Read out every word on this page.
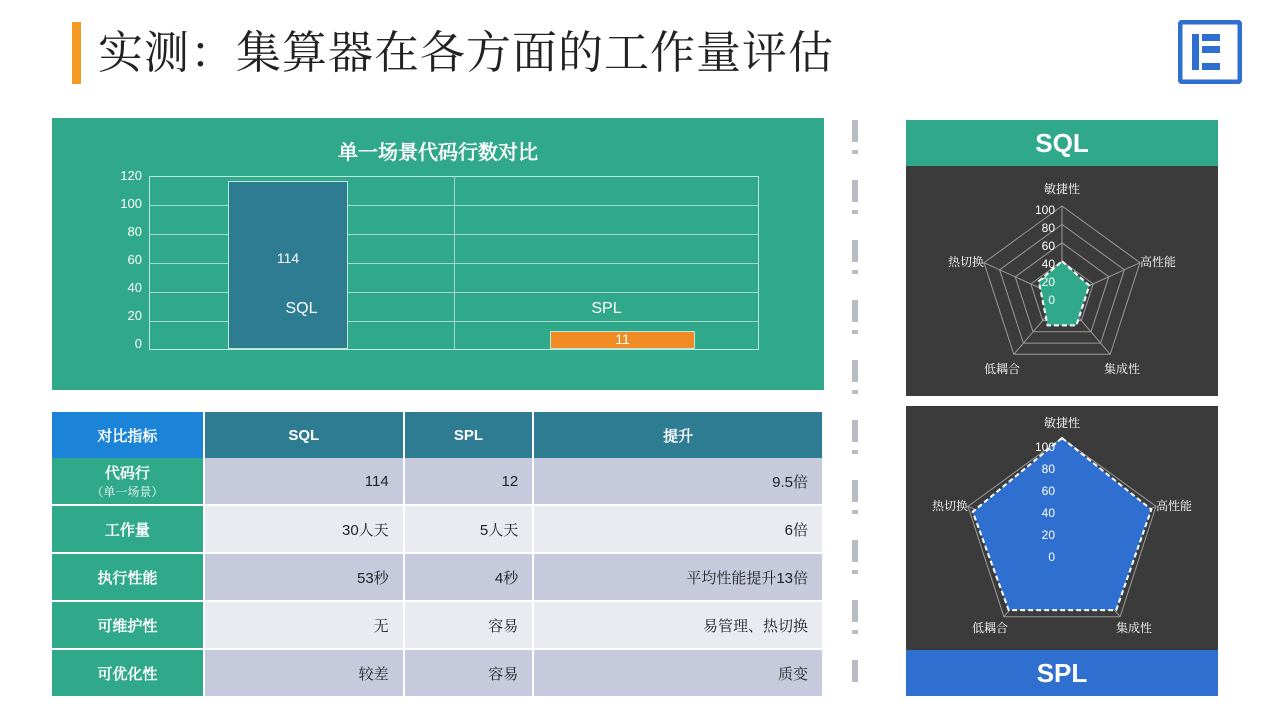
实测：集算器在各方面的工作量评估
单一场景代码行数对比
120
100
80
60
40
20
0
114
11
SQL	SPL
对比指标	SQL	SPL	提升
代码行
（单一场景）	114	12	9.5倍
工作量	30人天	5人天	6倍
执行性能	53秒	4秒	平均性能提升13倍
可维护性	无	容易	易管理、热切换
可优化性	较差	容易	质变
SQL
100
80
60
40
20
0
敏捷性
高性能
集成性
低耦合
热切换
100
80
60
40
20
0
敏捷性
高性能
集成性
低耦合
热切换
SPL
